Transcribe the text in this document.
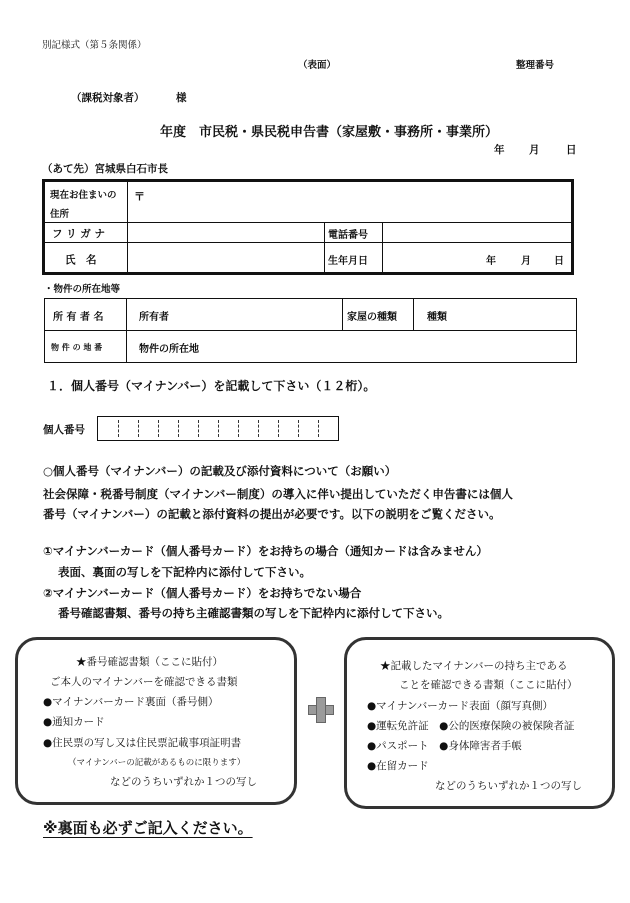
別記様式（第５条関係）
（表面）	整理番号
（課税対象者）	様
年度　市民税・県民税申告書（家屋敷・事務所・事業所）
年 月	日
（あて先）宮城県白石市長
現在お住まいの
住所
〒
フ リ ガ ナ	電話番号
氏　名	生年月日	年	月 日
・物件の所在地等
所 有 者 名	所有者	家屋の種類	種類
物 件 の 地 番	物件の所在地
１．個人番号（マイナンバー）を記載して下さい（１２桁）。
個人番号
○個人番号（マイナンバー）の記載及び添付資料について（お願い）
社会保障・税番号制度（マイナンバー制度）の導入に伴い提出していただく申告書には個人
番号（マイナンバー）の記載と添付資料の提出が必要です。以下の説明をご覧ください。
①マイナンバーカード（個人番号カード）をお持ちの場合（通知カードは含みません）
表面、裏面の写しを下記枠内に添付して下さい。
②マイナンバーカード（個人番号カード）をお持ちでない場合
番号確認書類、番号の持ち主確認書類の写しを下記枠内に添付して下さい。
★番号確認書類（ここに貼付）
ご本人のマイナンバーを確認できる書類
●マイナンバーカード裏面（番号側）
●通知カード
●住民票の写し又は住民票記載事項証明書
（マイナンバーの記載があるものに限ります）
などのうちいずれか１つの写し
★記載したマイナンバーの持ち主である
ことを確認できる書類（ここに貼付）
●マイナンバーカード表面（顔写真側）
●運転免許証　●公的医療保険の被保険者証
●パスポート　●身体障害者手帳
●在留カード
などのうちいずれか１つの写し
※裏面も必ずご記入ください。
